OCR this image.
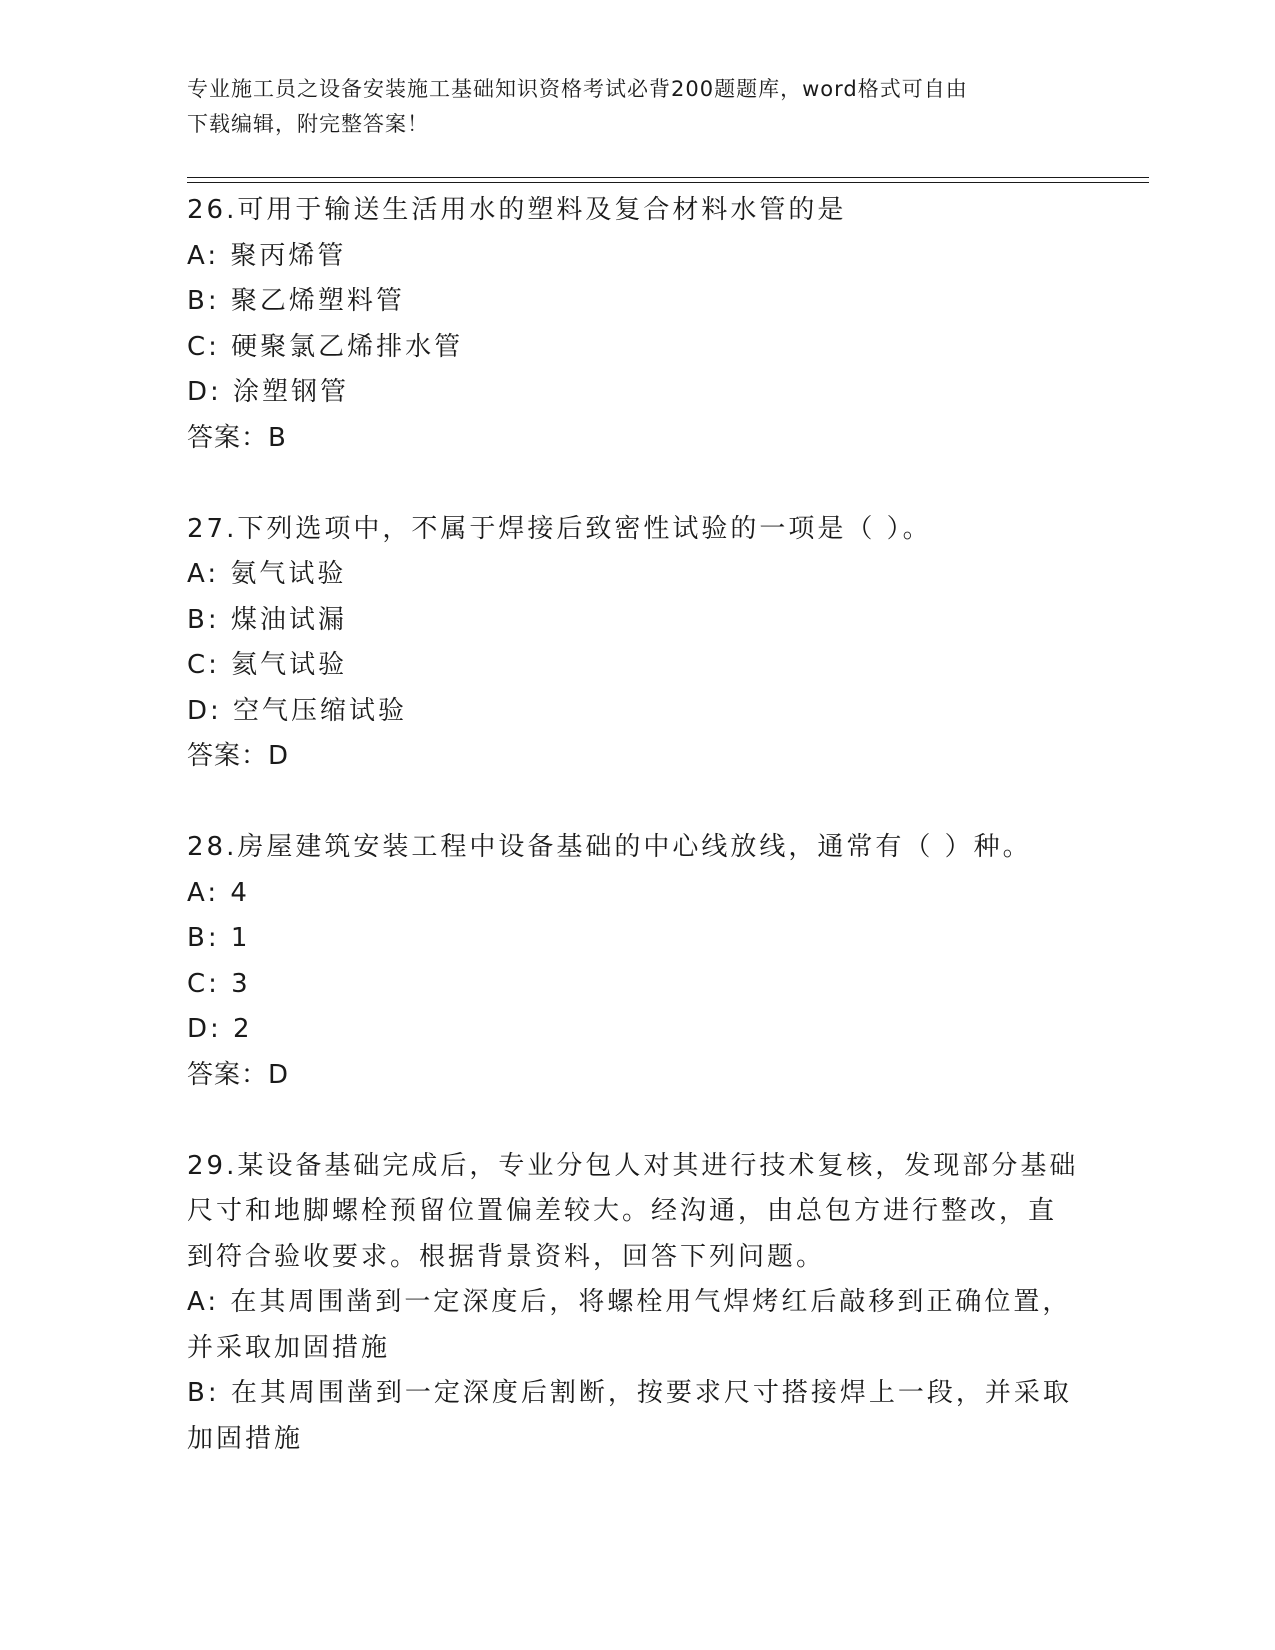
专业施工员之设备安装施工基础知识资格考试必背200题题库，word格式可自由
下载编辑，附完整答案！
26.可用于输送生活用水的塑料及复合材料水管的是
A: 聚丙烯管
B: 聚乙烯塑料管
C: 硬聚氯乙烯排水管
D: 涂塑钢管
答案：B
27.下列选项中，不属于焊接后致密性试验的一项是（ ）。
A: 氨气试验
B: 煤油试漏
C: 氦气试验
D: 空气压缩试验
答案：D
28.房屋建筑安装工程中设备基础的中心线放线，通常有（ ）种。
A: 4
B: 1
C: 3
D: 2
答案：D
29.某设备基础完成后，专业分包人对其进行技术复核，发现部分基础
尺寸和地脚螺栓预留位置偏差较大。经沟通，由总包方进行整改，直
到符合验收要求。根据背景资料，回答下列问题。
A: 在其周围凿到一定深度后，将螺栓用气焊烤红后敲移到正确位置，
并采取加固措施
B: 在其周围凿到一定深度后割断，按要求尺寸搭接焊上一段，并采取
加固措施
